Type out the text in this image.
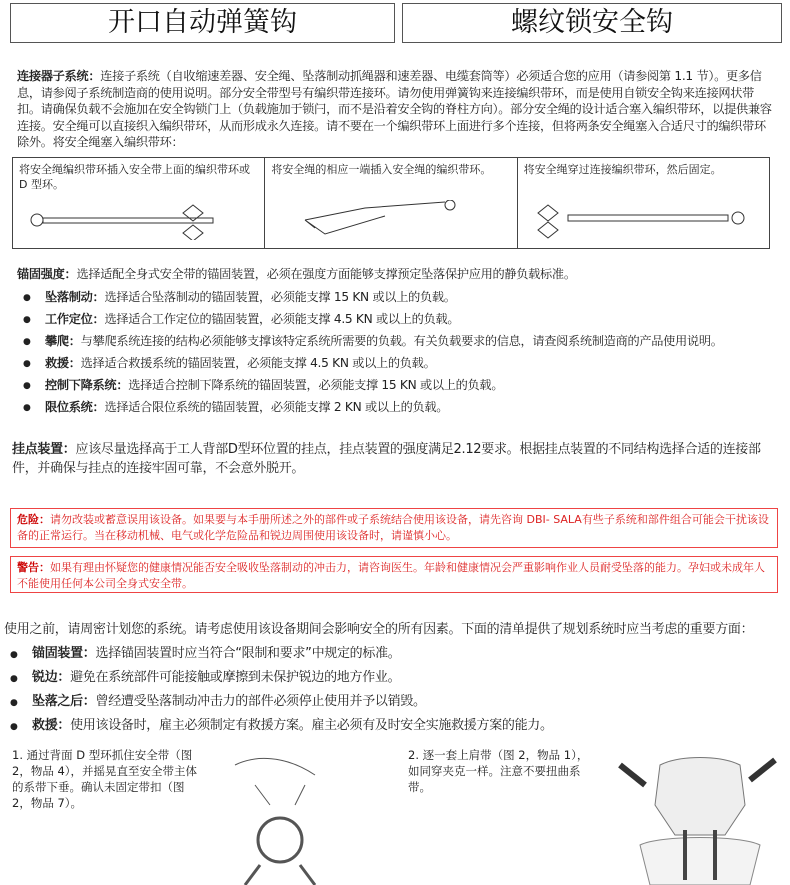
开口自动弹簧钩	螺纹锁安全钩
连接器子系统：连接子系统（自收缩速差器、安全绳、坠落制动抓绳器和速差器、电缆套筒等）必须适合您的应用（请参阅第 1.1 节）。更多信息，请参阅子系统制造商的使用说明。部分安全带型号有编织带连接环。请勿使用弹簧钩来连接编织带环，而是使用自锁安全钩来连接网状带扣。请确保负载不会施加在安全钩锁门上（负载施加于锁闩，而不是沿着安全钩的脊柱方向）。部分安全绳的设计适合塞入编织带环，以提供兼容连接。安全绳可以直接织入编织带环，从而形成永久连接。请不要在一个编织带环上面进行多个连接，但将两条安全绳塞入合适尺寸的编织带环除外。将安全绳塞入编织带环：
将安全绳编织带环插入安全带上面的编织带环或D 型环。
将安全绳的相应一端插入安全绳的编织带环。	将安全绳穿过连接编织带环，然后固定。
锚固强度：选择适配全身式安全带的锚固装置，必须在强度方面能够支撑预定坠落保护应用的静负载标准。
● 坠落制动：选择适合坠落制动的锚固装置，必须能支撑 15 KN 或以上的负载。
● 工作定位：选择适合工作定位的锚固装置，必须能支撑 4.5 KN 或以上的负载。
● 攀爬：与攀爬系统连接的结构必须能够支撑该特定系统所需要的负载。有关负载要求的信息，请查阅系统制造商的产品使用说明。
● 救援：选择适合救援系统的锚固装置，必须能支撑 4.5 KN 或以上的负载。
● 控制下降系统：选择适合控制下降系统的锚固装置，必须能支撑 15 KN 或以上的负载。
● 限位系统：选择适合限位系统的锚固装置，必须能支撑 2 KN 或以上的负载。
挂点装置：应该尽量选择高于工人背部D型环位置的挂点，挂点装置的强度满足2.12要求。根据挂点装置的不同结构选择合适的连接部件，并确保与挂点的连接牢固可靠，不会意外脱开。
危险：请勿改装或蓄意误用该设备。如果要与本手册所述之外的部件或子系统结合使用该设备，请先咨询 DBI- SALA有些子系统和部件组合可能会干扰该设备的正常运行。当在移动机械、电气或化学危险品和锐边周围使用该设备时，请谨慎小心。
警告：如果有理由怀疑您的健康情况能否安全吸收坠落制动的冲击力，请咨询医生。年龄和健康情况会严重影响作业人员耐受坠落的能力。孕妇或未成年人不能使用任何本公司全身式安全带。
使用之前，请周密计划您的系统。请考虑使用该设备期间会影响安全的所有因素。下面的清单提供了规划系统时应当考虑的重要方面：
● 锚固装置：选择锚固装置时应当符合“限制和要求”中规定的标准。
● 锐边：避免在系统部件可能接触或摩擦到未保护锐边的地方作业。
● 坠落之后：曾经遭受坠落制动冲击力的部件必须停止使用并予以销毁。
● 救援：使用该设备时，雇主必须制定有救援方案。雇主必须有及时安全实施救援方案的能力。
1. 通过背面 D 型环抓住安全带（图 2，物品 4），并摇晃直至安全带主体的系带下垂。确认未固定带扣（图 2，物品 7）。
2. 逐一套上肩带（图 2，物品 1），如同穿夹克一样。注意不要扭曲系带。
